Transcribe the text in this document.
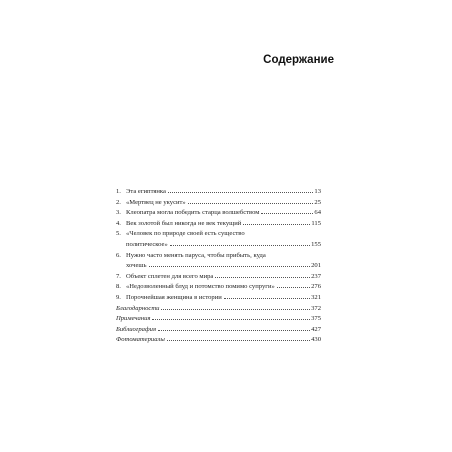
Содержание
1. Эта египтянка	13
2. «Мертвец не укусит»	25
3. Клеопатра могла победить старца волшебством	64
4. Век золотой был никогда не век текущий	115
5. «Человек по природе своей есть существо
политическое»	155
6. Нужно часто менять паруса, чтобы прибыть, куда
хочешь	201
7. Объект сплетен для всего мира	237
8. «Недозволенный блуд и потомство помимо супруги»	276
9. Порочнейшая женщина в истории	321
Благодарности	372
Примечания	375
Библиография	427
Фотоматериалы	430
